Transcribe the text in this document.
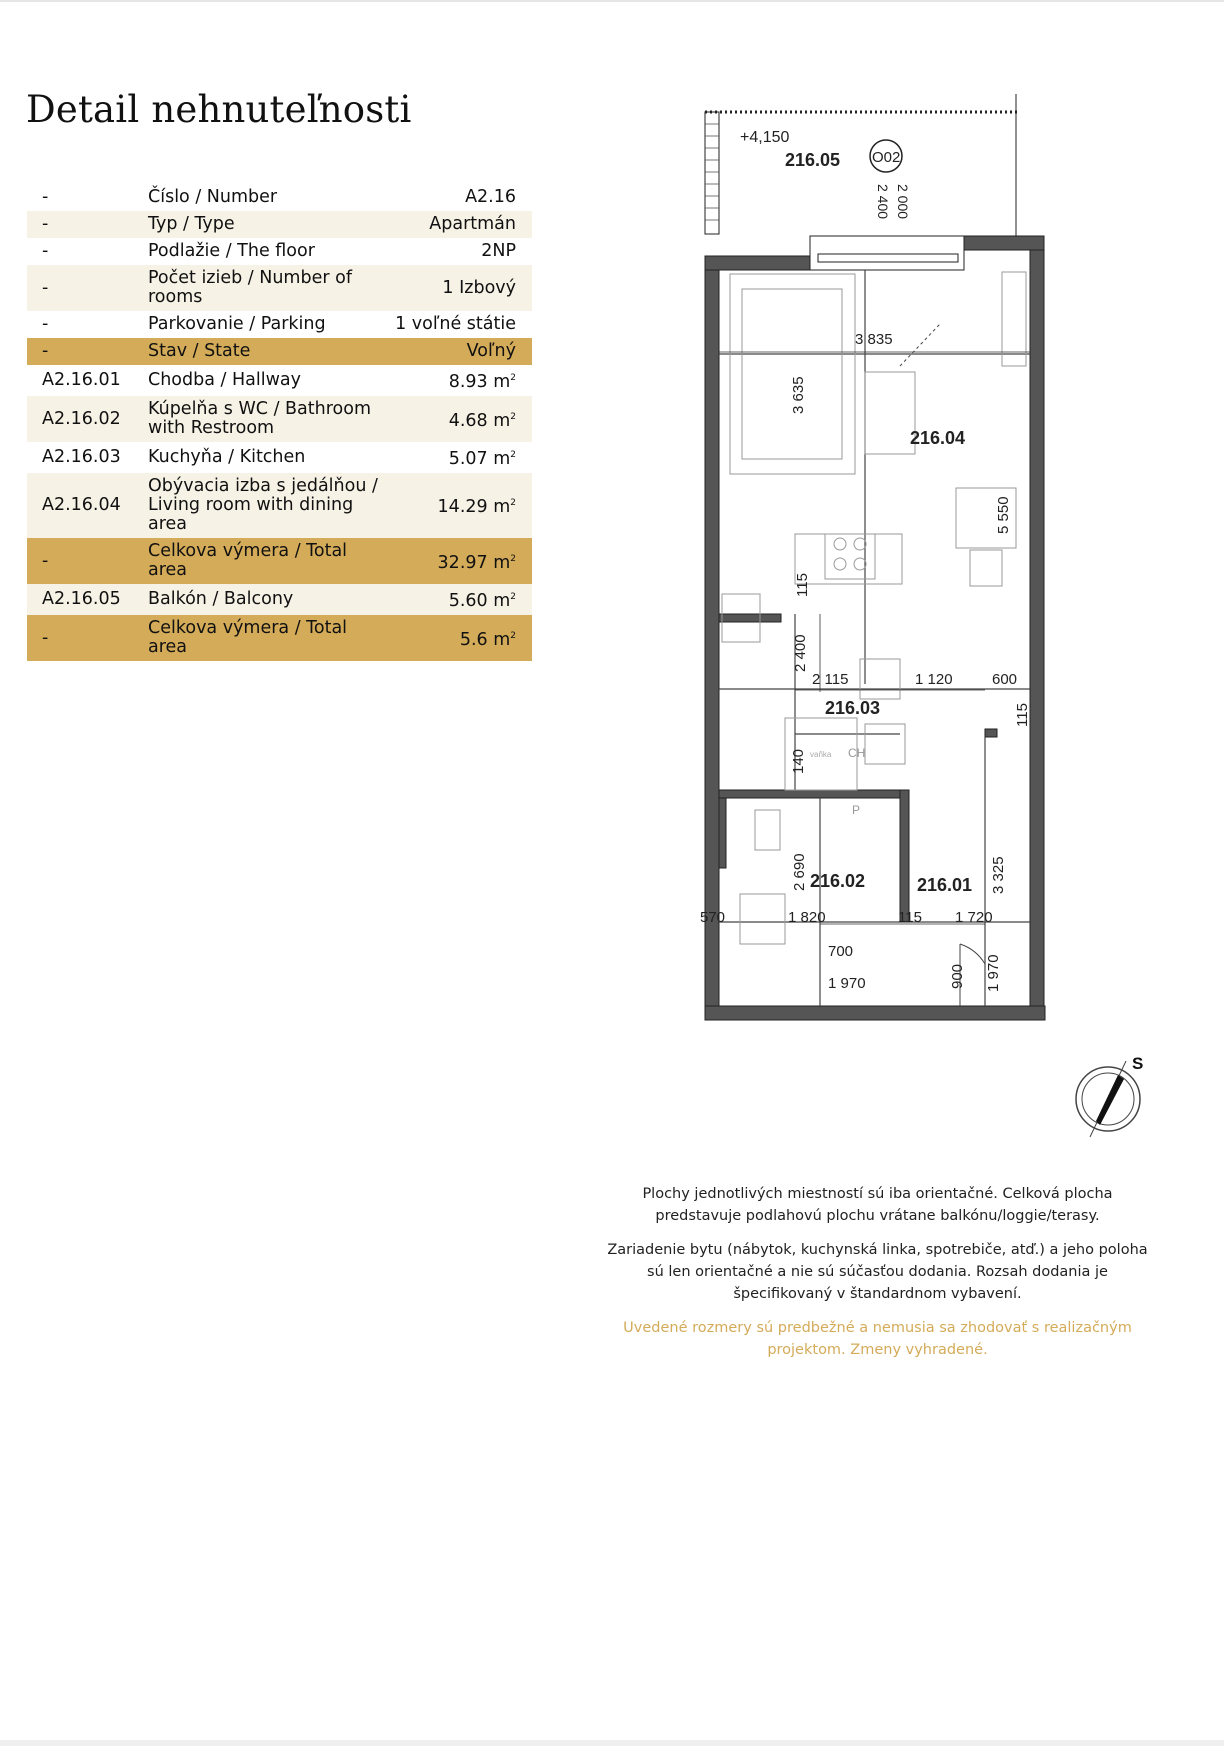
Detail nehnuteľnosti
-	Číslo / Number	A2.16
-	Typ / Type	Apartmán
-	Podlažie / The floor	2NP
-	Počet izieb / Number of rooms	1 Izbový
-	Parkovanie / Parking	1 voľné státie
-	Stav / State	Voľný
A2.16.01	Chodba / Hallway	8.93 $m^2$
A2.16.02	Kúpelňa s WC / Bathroom with Restroom	4.68 $m^2$
A2.16.03	Kuchyňa / Kitchen	5.07 $m^2$
A2.16.04	Obývacia izba s jedálňou / Living room with dining area	14.29 $m^2$
-	Celkova výmera / Total area	32.97 $m^2$
A2.16.05	Balkón / Balcony	5.60 $m^2$
-	Celkova výmera / Total area	5.6 $m^2$
+4,150
216.05 O02
2 000
2 400
216.04
216.03
216.02	216.01
3 835
3 635
5 550
115
2 400
2 115	1 120	600
115
140
2 690	3 325
1 820	115 1 720
570
700
1 970	900 1 970
CH
P
vaňka
S

Plochy jednotlivých miestností sú iba orientačné. Celková plocha predstavuje podlahovú plochu vrátane balkónu/loggie/terasy.

Zariadenie bytu (nábytok, kuchynská linka, spotrebiče, atď.) a jeho poloha sú len orientačné a nie sú súčasťou dodania. Rozsah dodania je špecifikovaný v štandardnom vybavení.

Uvedené rozmery sú predbežné a nemusia sa zhodovať s realizačným projektom. Zmeny vyhradené.
